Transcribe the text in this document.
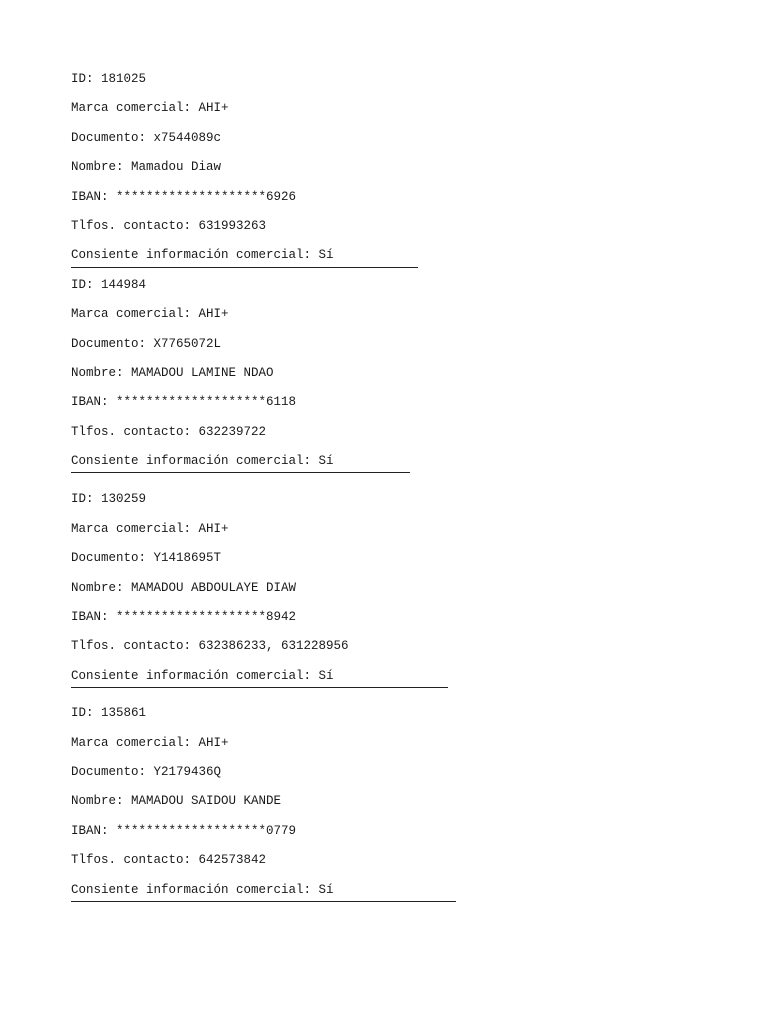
ID: 181025
Marca comercial: AHI+
Documento: x7544089c
Nombre: Mamadou Diaw
IBAN: ********************6926
Tlfos. contacto: 631993263
Consiente información comercial: Sí
ID: 144984
Marca comercial: AHI+
Documento: X7765072L
Nombre: MAMADOU LAMINE NDAO
IBAN: ********************6118
Tlfos. contacto: 632239722
Consiente información comercial: Sí
ID: 130259
Marca comercial: AHI+
Documento: Y1418695T
Nombre: MAMADOU ABDOULAYE DIAW
IBAN: ********************8942
Tlfos. contacto: 632386233, 631228956
Consiente información comercial: Sí
ID: 135861
Marca comercial: AHI+
Documento: Y2179436Q
Nombre: MAMADOU SAIDOU KANDE
IBAN: ********************0779
Tlfos. contacto: 642573842
Consiente información comercial: Sí
